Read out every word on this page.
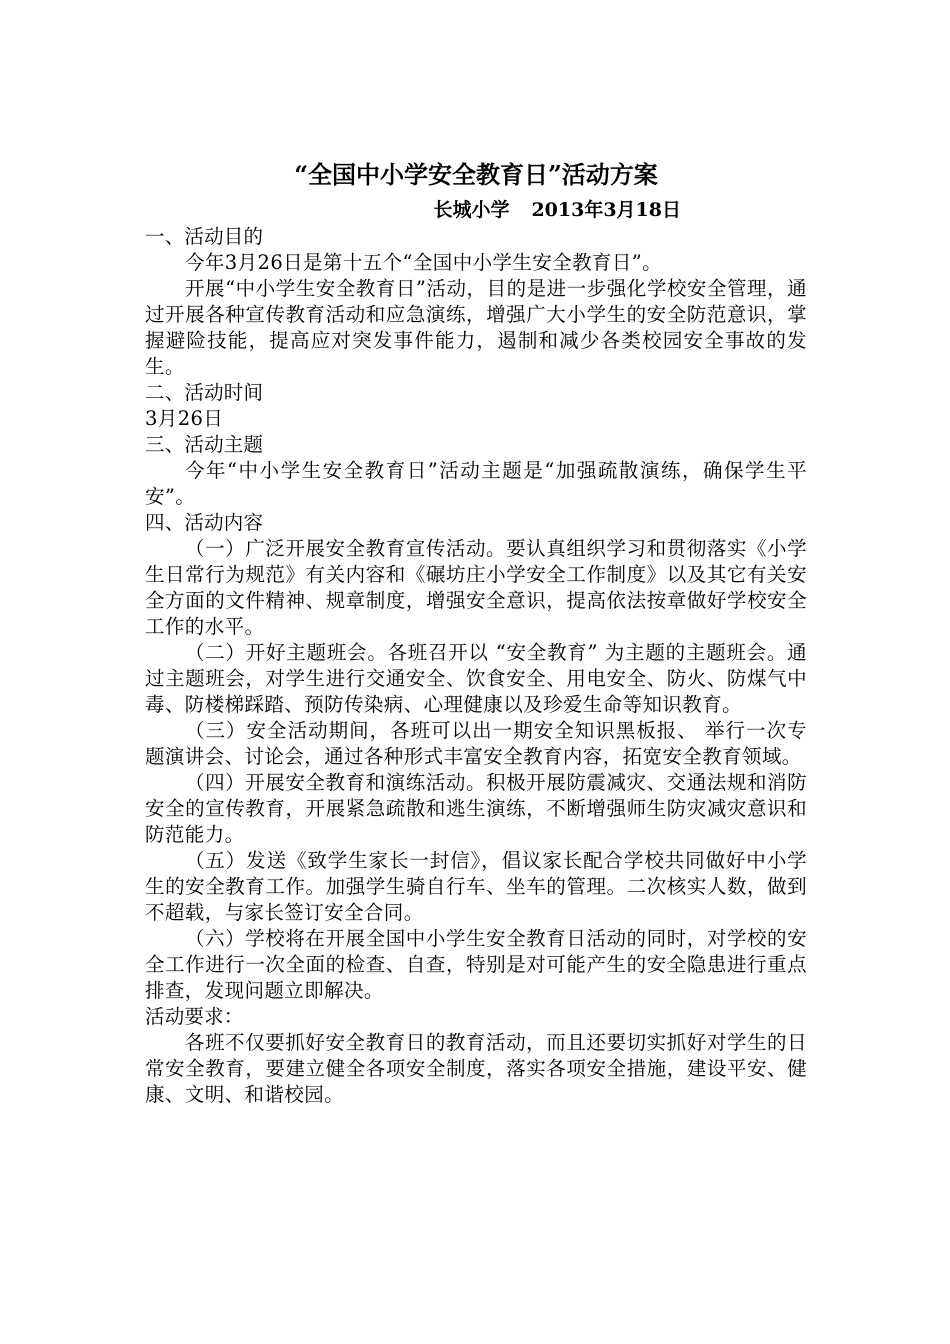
“全国中小学安全教育日”活动方案
长城小学 2013年3月18日

一、活动目的

今年3月26日是第十五个“全国中小学生安全教育日”。

开展“中小学生安全教育日”活动，目的是进一步强化学校安全管理，通过开展各种宣传教育活动和应急演练，增强广大小学生的安全防范意识，掌握避险技能，提高应对突发事件能力，遏制和减少各类校园安全事故的发生。

二、活动时间

3月26日

三、活动主题

今年“中小学生安全教育日”活动主题是“加强疏散演练，确保学生平安”。

四、活动内容

（一）广泛开展安全教育宣传活动。要认真组织学习和贯彻落实《小学生日常行为规范》有关内容和《碾坊庄小学安全工作制度》以及其它有关安全方面的文件精神、规章制度，增强安全意识，提高依法按章做好学校安全工作的水平。

（二）开好主题班会。各班召开以 “安全教育” 为主题的主题班会。通过主题班会，对学生进行交通安全、饮食安全、用电安全、防火、防煤气中毒、防楼梯踩踏、预防传染病、心理健康以及珍爱生命等知识教育。

（三）安全活动期间，各班可以出一期安全知识黑板报、 举行一次专题演讲会、讨论会，通过各种形式丰富安全教育内容，拓宽安全教育领域。

（四）开展安全教育和演练活动。积极开展防震减灾、交通法规和消防安全的宣传教育，开展紧急疏散和逃生演练，不断增强师生防灾减灾意识和防范能力。

（五）发送《致学生家长一封信》，倡议家长配合学校共同做好中小学生的安全教育工作。加强学生骑自行车、坐车的管理。二次核实人数，做到不超载，与家长签订安全合同。

（六）学校将在开展全国中小学生安全教育日活动的同时，对学校的安全工作进行一次全面的检查、自查，特别是对可能产生的安全隐患进行重点排查，发现问题立即解决。

活动要求：

各班不仅要抓好安全教育日的教育活动，而且还要切实抓好对学生的日常安全教育，要建立健全各项安全制度，落实各项安全措施，建设平安、健康、文明、和谐校园。
